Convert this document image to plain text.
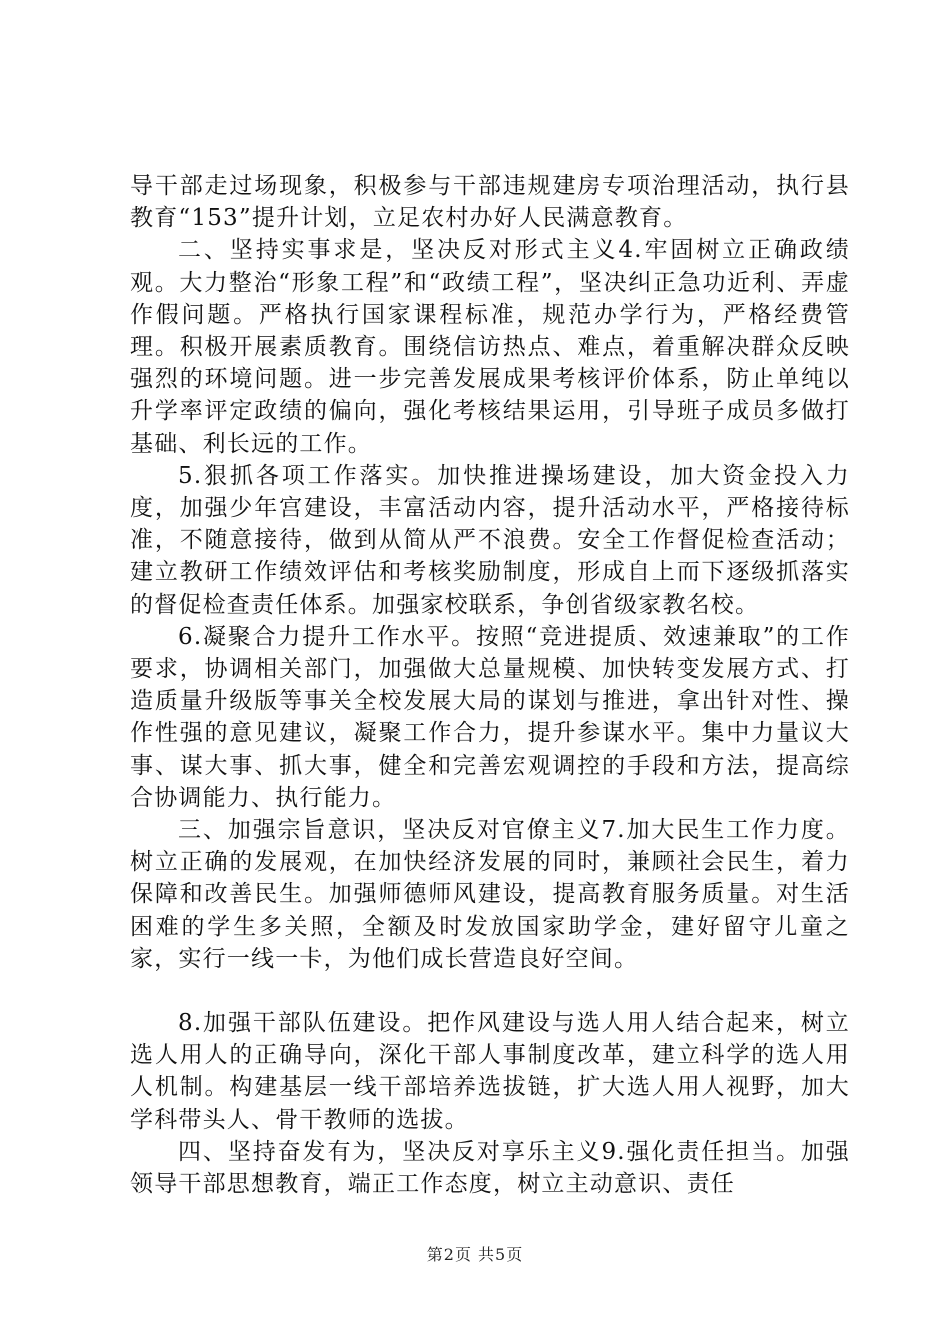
导干部走过场现象，积极参与干部违规建房专项治理活动，执行县教育“153”提升计划，立足农村办好人民满意教育。

二、坚持实事求是，坚决反对形式主义4.牢固树立正确政绩观。大力整治“形象工程”和“政绩工程”，坚决纠正急功近利、弄虚作假问题。严格执行国家课程标准，规范办学行为，严格经费管理。积极开展素质教育。围绕信访热点、难点，着重解决群众反映强烈的环境问题。进一步完善发展成果考核评价体系，防止单纯以升学率评定政绩的偏向，强化考核结果运用，引导班子成员多做打基础、利长远的工作。

5.狠抓各项工作落实。加快推进操场建设，加大资金投入力度，加强少年宫建设，丰富活动内容，提升活动水平，严格接待标准，不随意接待，做到从简从严不浪费。安全工作督促检查活动；建立教研工作绩效评估和考核奖励制度，形成自上而下逐级抓落实的督促检查责任体系。加强家校联系，争创省级家教名校。

6.凝聚合力提升工作水平。按照“竞进提质、效速兼取”的工作要求，协调相关部门，加强做大总量规模、加快转变发展方式、打造质量升级版等事关全校发展大局的谋划与推进，拿出针对性、操作性强的意见建议，凝聚工作合力，提升参谋水平。集中力量议大事、谋大事、抓大事，健全和完善宏观调控的手段和方法，提高综合协调能力、执行能力。

三、加强宗旨意识，坚决反对官僚主义7.加大民生工作力度。树立正确的发展观，在加快经济发展的同时，兼顾社会民生，着力保障和改善民生。加强师德师风建设，提高教育服务质量。对生活困难的学生多关照，全额及时发放国家助学金，建好留守儿童之家，实行一线一卡，为他们成长营造良好空间。

8.加强干部队伍建设。把作风建设与选人用人结合起来，树立选人用人的正确导向，深化干部人事制度改革，建立科学的选人用人机制。构建基层一线干部培养选拔链，扩大选人用人视野，加大学科带头人、骨干教师的选拔。

四、坚持奋发有为，坚决反对享乐主义9.强化责任担当。加强领导干部思想教育，端正工作态度，树立主动意识、责任

第2页 共5页
